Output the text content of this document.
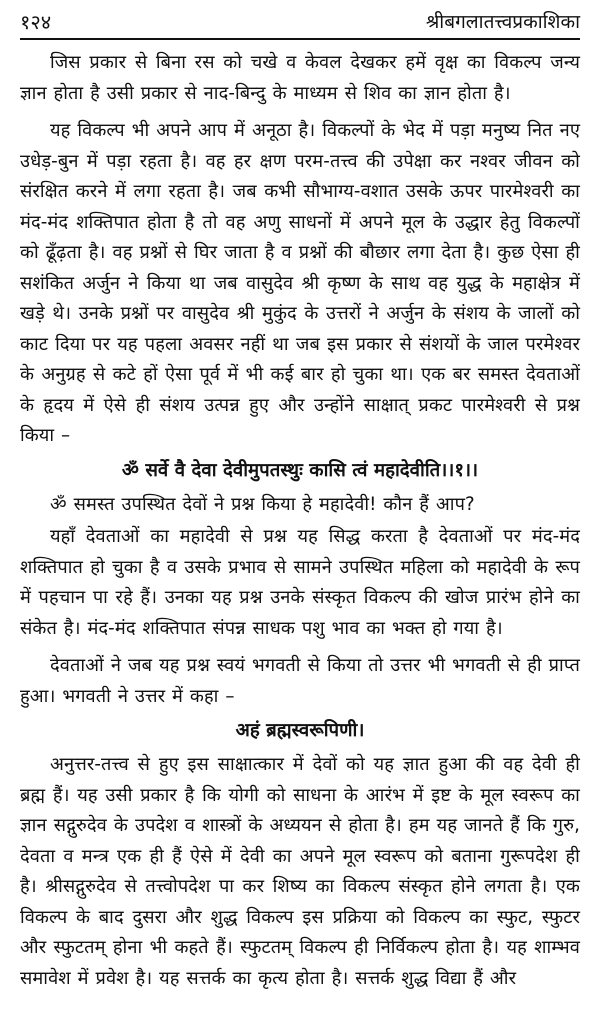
१२४	श्रीबगलातत्त्वप्रकाशिका

जिस प्रकार से बिना रस को चखे व केवल देखकर हमें वृक्ष का विकल्प जन्य ज्ञान होता है उसी प्रकार से नाद-बिन्दु के माध्यम से शिव का ज्ञान होता है।

यह विकल्प भी अपने आप में अनूठा है। विकल्पों के भेद में पड़ा मनुष्य नित नए उधेड़-बुन में पड़ा रहता है। वह हर क्षण परम-तत्त्व की उपेक्षा कर नश्वर जीवन को संरक्षित करने में लगा रहता है। जब कभी सौभाग्य-वशात उसके ऊपर पारमेश्वरी का मंद-मंद शक्तिपात होता है तो वह अणु साधनों में अपने मूल के उद्धार हेतु विकल्पों को ढूँढ़ता है। वह प्रश्नों से घिर जाता है व प्रश्नों की बौछार लगा देता है। कुछ ऐसा ही सशंकित अर्जुन ने किया था जब वासुदेव श्री कृष्ण के साथ वह युद्ध के महाक्षेत्र में खड़े थे। उनके प्रश्नों पर वासुदेव श्री मुकुंद के उत्तरों ने अर्जुन के संशय के जालों को काट दिया पर यह पहला अवसर नहीं था जब इस प्रकार से संशयों के जाल परमेश्वर के अनुग्रह से कटे हों ऐसा पूर्व में भी कई बार हो चुका था। एक बर समस्त देवताओं के हृदय में ऐसे ही संशय उत्पन्न हुए और उन्होंने साक्षात् प्रकट पारमेश्वरी से प्रश्न किया –

ॐ सर्वे वै देवा देवीमुपतस्थुः कासि त्वं महादेवीति।।१।।

ॐ समस्त उपस्थित देवों ने प्रश्न किया हे महादेवी! कौन हैं आप?

यहाँ देवताओं का महादेवी से प्रश्न यह सिद्ध करता है देवताओं पर मंद-मंद शक्तिपात हो चुका है व उसके प्रभाव से सामने उपस्थित महिला को महादेवी के रूप में पहचान पा रहे हैं। उनका यह प्रश्न उनके संस्कृत विकल्प की खोज प्रारंभ होने का संकेत है। मंद-मंद शक्तिपात संपन्न साधक पशु भाव का भक्त हो गया है।

देवताओं ने जब यह प्रश्न स्वयं भगवती से किया तो उत्तर भी भगवती से ही प्राप्त हुआ। भगवती ने उत्तर में कहा –

अहं ब्रह्मस्वरूपिणी।

अनुत्तर-तत्त्व से हुए इस साक्षात्कार में देवों को यह ज्ञात हुआ की वह देवी ही ब्रह्म हैं। यह उसी प्रकार है कि योगी को साधना के आरंभ में इष्ट के मूल स्वरूप का ज्ञान सद्गुरुदेव के उपदेश व शास्त्रों के अध्ययन से होता है। हम यह जानते हैं कि गुरु, देवता व मन्त्र एक ही हैं ऐसे में देवी का अपने मूल स्वरूप को बताना गुरूपदेश ही है। श्रीसद्गुरुदेव से तत्त्वोपदेश पा कर शिष्य का विकल्प संस्कृत होने लगता है। एक विकल्प के बाद दुसरा और शुद्ध विकल्प इस प्रक्रिया को विकल्प का स्फुट, स्फुटर और स्फुटतम् होना भी कहते हैं। स्फुटतम् विकल्प ही निर्विकल्प होता है। यह शाम्भव समावेश में प्रवेश है। यह सत्तर्क का कृत्य होता है। सत्तर्क शुद्ध विद्या हैं और
